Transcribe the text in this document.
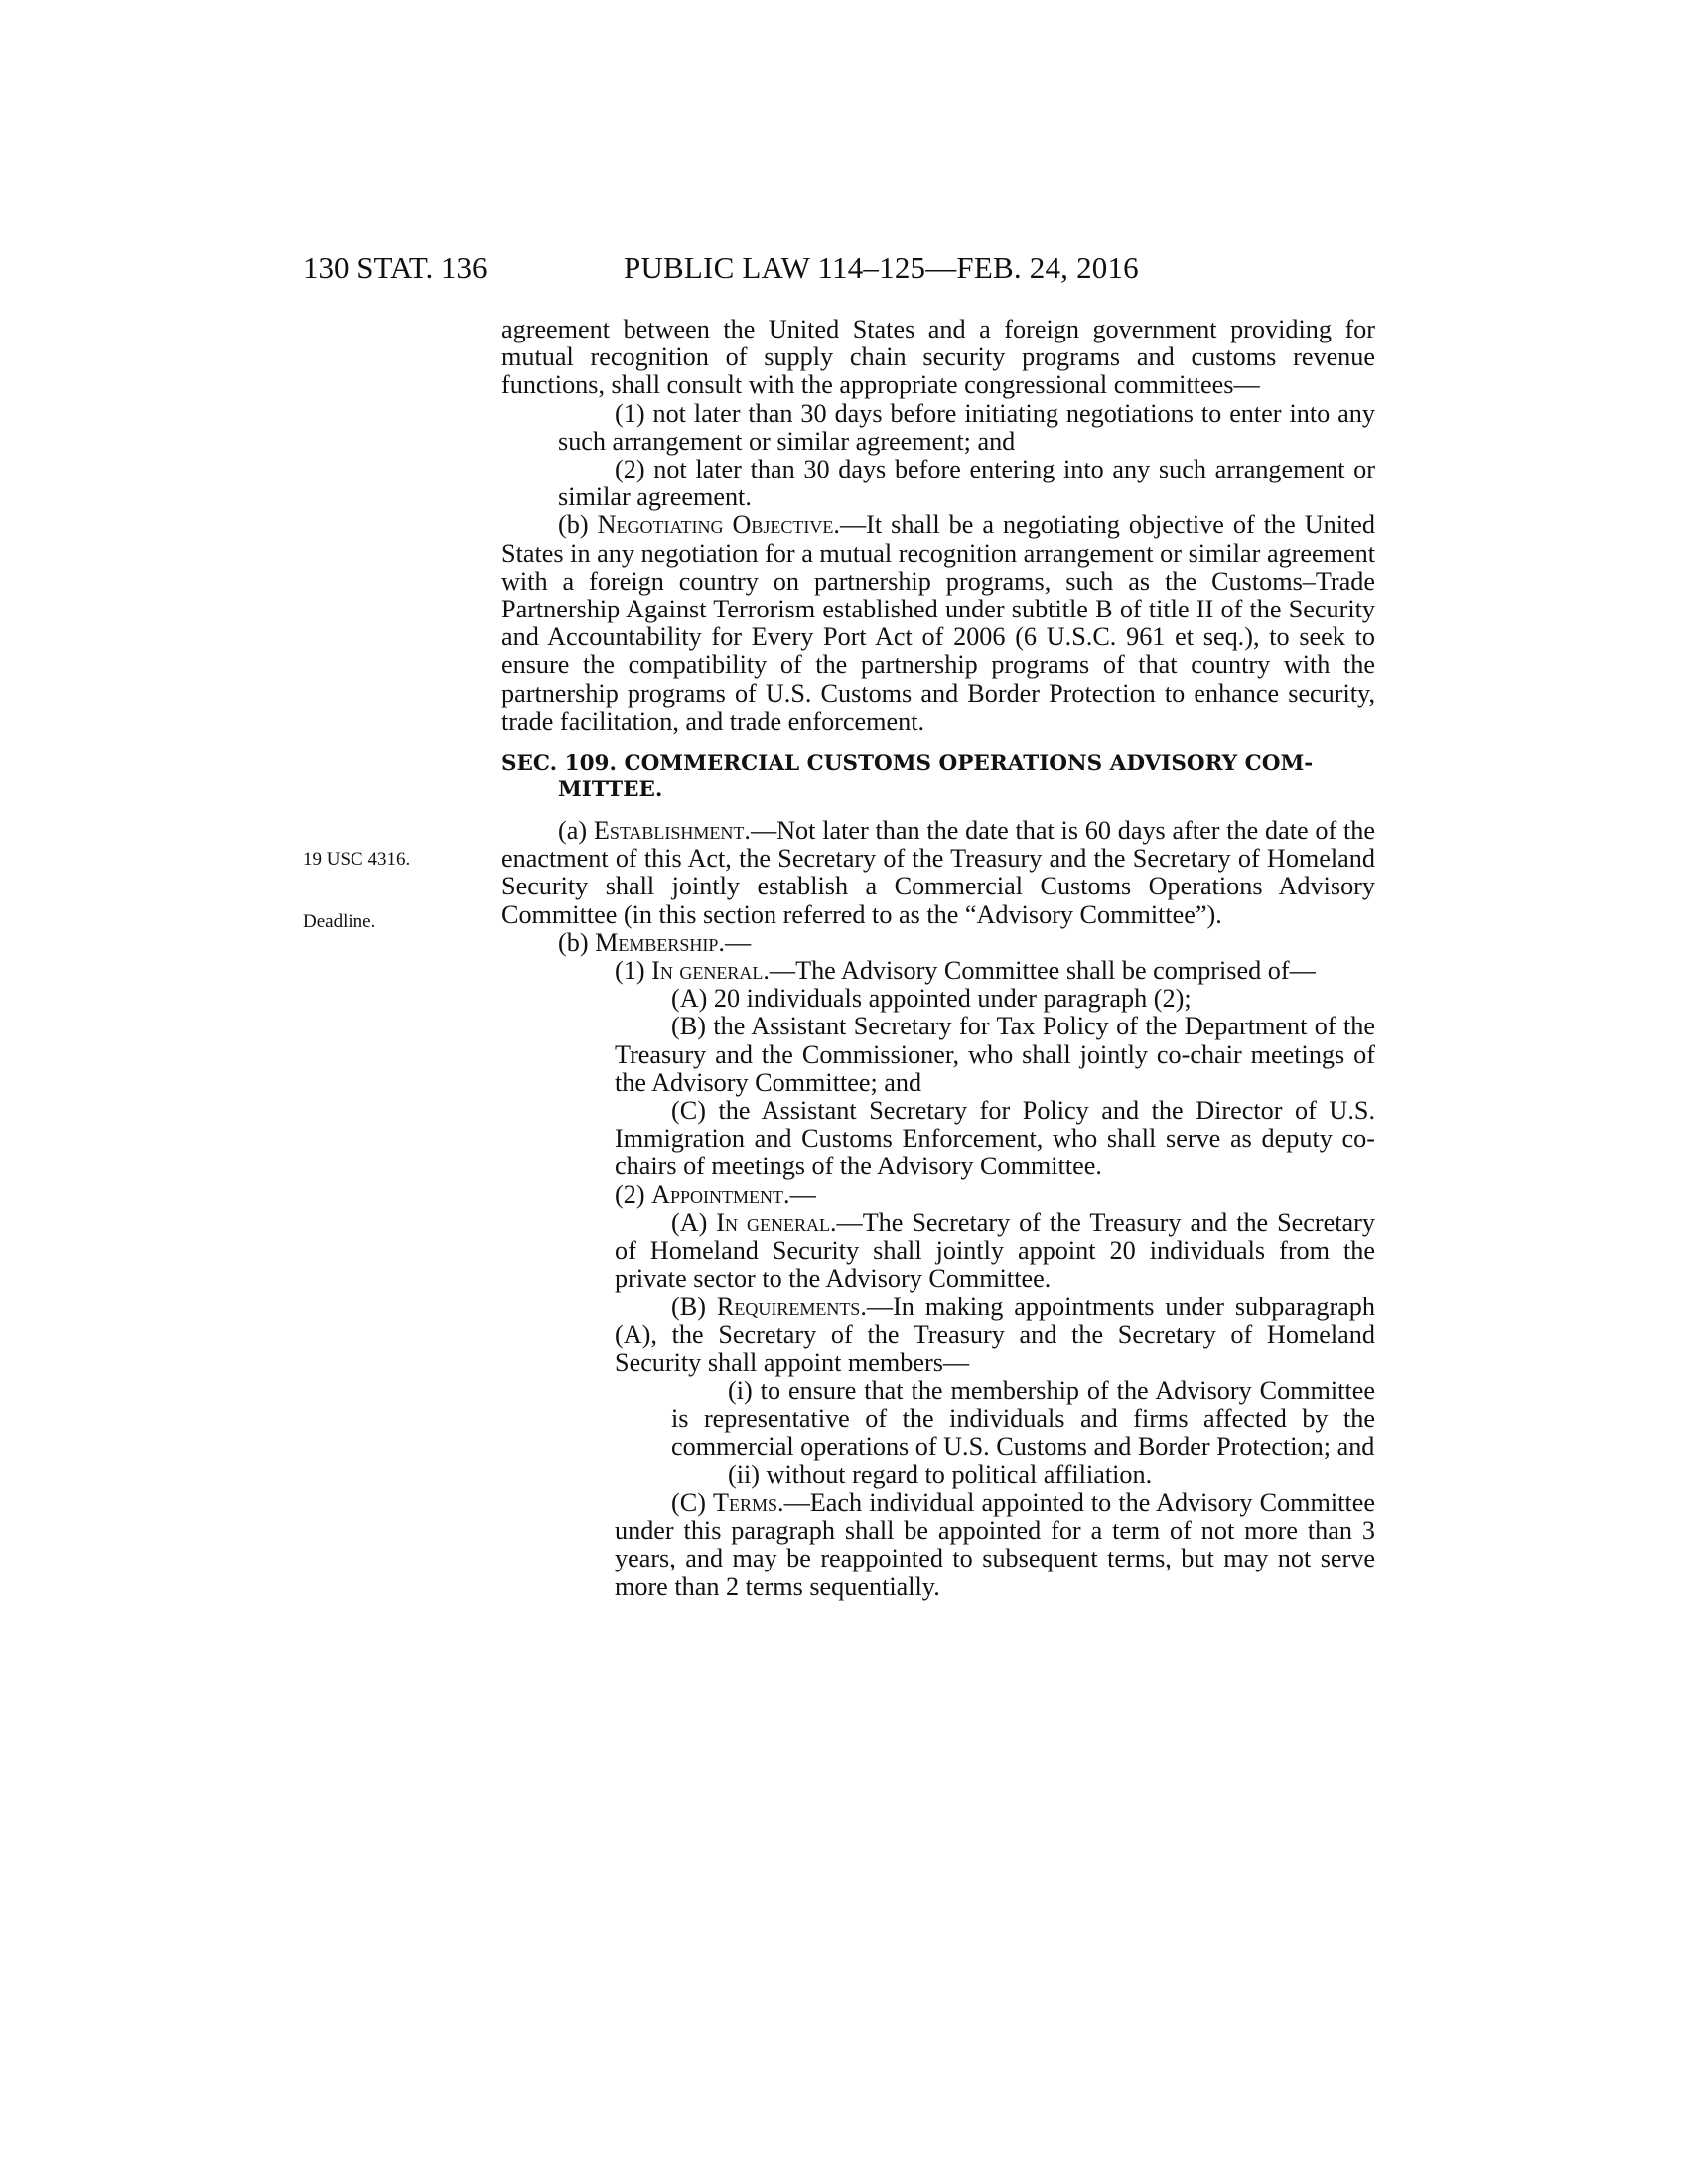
130 STAT. 136	PUBLIC LAW 114–125—FEB. 24, 2016
19 USC 4316.
Deadline.

agreement between the United States and a foreign government providing for mutual recognition of supply chain security programs and customs revenue functions, shall consult with the appropriate congressional committees—

(1) not later than 30 days before initiating negotiations to enter into any such arrangement or similar agreement; and

(2) not later than 30 days before entering into any such arrangement or similar agreement.

(b) Negotiating Objective.—It shall be a negotiating objective of the United States in any negotiation for a mutual recognition arrangement or similar agreement with a foreign country on partnership programs, such as the Customs–Trade Partnership Against Terrorism established under subtitle B of title II of the Security and Accountability for Every Port Act of 2006 (6 U.S.C. 961 et seq.), to seek to ensure the compatibility of the partnership programs of that country with the partnership programs of U.S. Customs and Border Protection to enhance security, trade facilitation, and trade enforcement.

SEC. 109. COMMERCIAL CUSTOMS OPERATIONS ADVISORY COM-
MITTEE.

(a) Establishment.—Not later than the date that is 60 days after the date of the enactment of this Act, the Secretary of the Treasury and the Secretary of Homeland Security shall jointly establish a Commercial Customs Operations Advisory Committee (in this section referred to as the “Advisory Committee”).

(b) Membership.—

(1) In general.—The Advisory Committee shall be comprised of—

(A) 20 individuals appointed under paragraph (2);

(B) the Assistant Secretary for Tax Policy of the Department of the Treasury and the Commissioner, who shall jointly co-chair meetings of the Advisory Committee; and

(C) the Assistant Secretary for Policy and the Director of U.S. Immigration and Customs Enforcement, who shall serve as deputy co-chairs of meetings of the Advisory Committee.

(2) Appointment.—

(A) In general.—The Secretary of the Treasury and the Secretary of Homeland Security shall jointly appoint 20 individuals from the private sector to the Advisory Committee.

(B) Requirements.—In making appointments under subparagraph (A), the Secretary of the Treasury and the Secretary of Homeland Security shall appoint members—

(i) to ensure that the membership of the Advisory Committee is representative of the individuals and firms affected by the commercial operations of U.S. Customs and Border Protection; and

(ii) without regard to political affiliation.

(C) Terms.—Each individual appointed to the Advisory Committee under this paragraph shall be appointed for a term of not more than 3 years, and may be reappointed to subsequent terms, but may not serve more than 2 terms sequentially.
